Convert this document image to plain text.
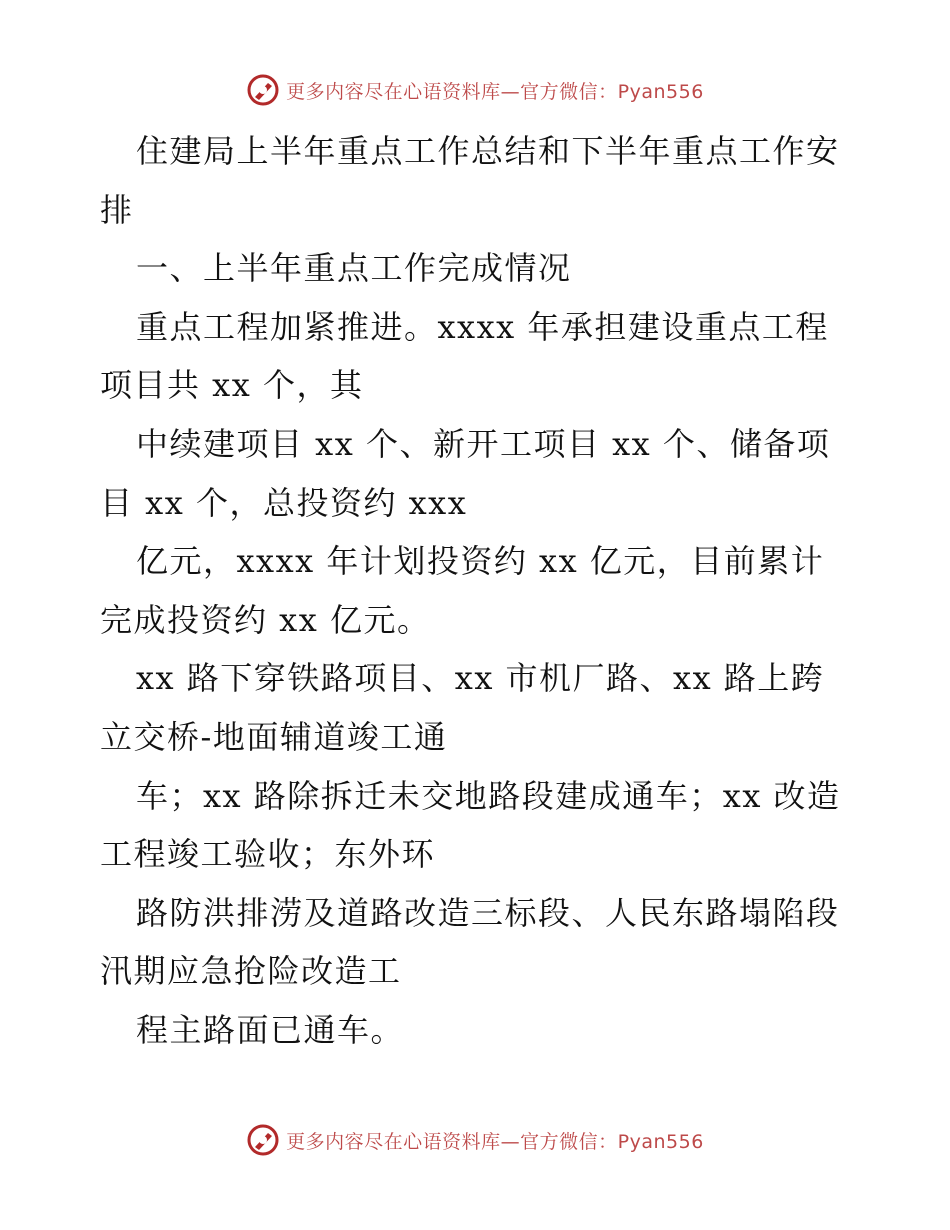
更多内容尽在心语资料库—官方微信：Pyan556
住建局上半年重点工作总结和下半年重点工作安
排
一、上半年重点工作完成情况
重点工程加紧推进。xxxx 年承担建设重点工程
项目共 xx 个，其
中续建项目 xx 个、新开工项目 xx 个、储备项
目 xx 个，总投资约 xxx
亿元，xxxx 年计划投资约 xx 亿元，目前累计
完成投资约 xx 亿元。
xx 路下穿铁路项目、xx 市机厂路、xx 路上跨
立交桥-地面辅道竣工通
车；xx 路除拆迁未交地路段建成通车；xx 改造
工程竣工验收；东外环
路防洪排涝及道路改造三标段、人民东路塌陷段
汛期应急抢险改造工
程主路面已通车。
更多内容尽在心语资料库—官方微信：Pyan556
